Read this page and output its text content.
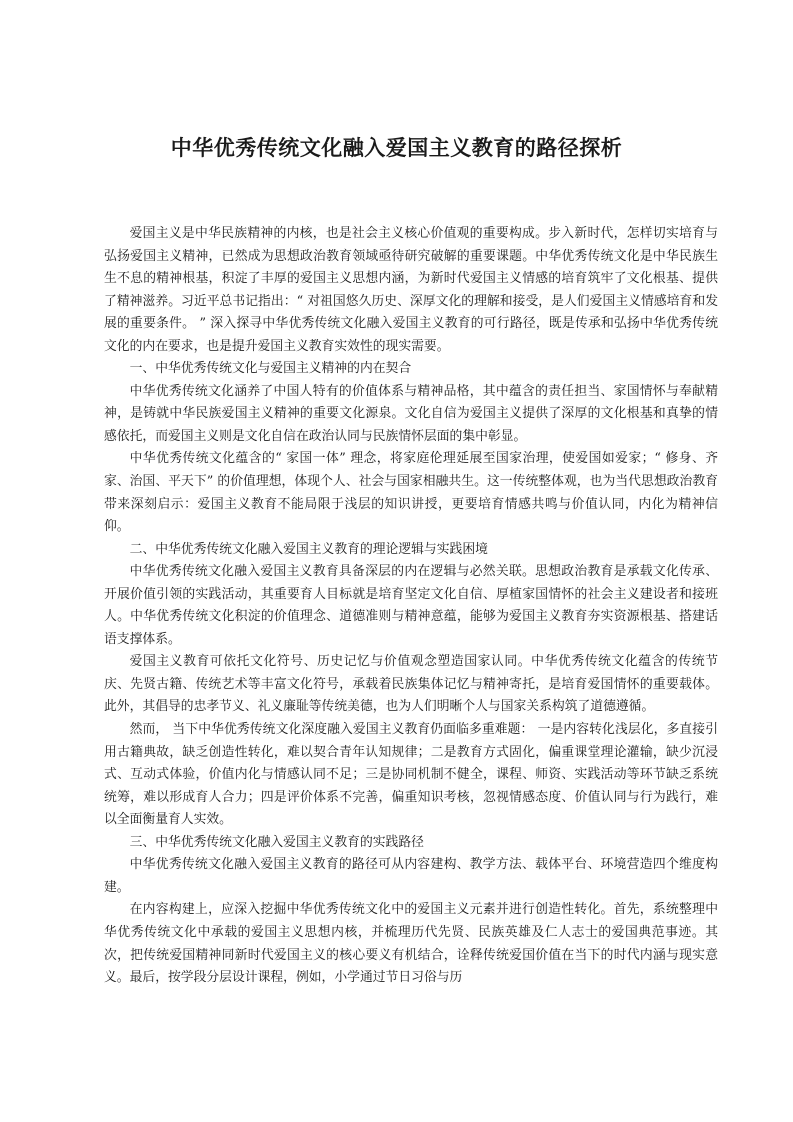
中华优秀传统文化融入爱国主义教育的路径探析

爱国主义是中华民族精神的内核，也是社会主义核心价值观的重要构成。步入新时代，怎样切实培育与弘扬爱国主义精神，已然成为思想政治教育领域亟待研究破解的重要课题。中华优秀传统文化是中华民族生生不息的精神根基，积淀了丰厚的爱国主义思想内涵，为新时代爱国主义情感的培育筑牢了文化根基、提供了精神滋养。习近平总书记指出：“ 对祖国悠久历史、深厚文化的理解和接受，是人们爱国主义情感培育和发展的重要条件。 ” 深入探寻中华优秀传统文化融入爱国主义教育的可行路径，既是传承和弘扬中华优秀传统文化的内在要求，也是提升爱国主义教育实效性的现实需要。

一、中华优秀传统文化与爱国主义精神的内在契合

中华优秀传统文化涵养了中国人特有的价值体系与精神品格，其中蕴含的责任担当、家国情怀与奉献精神，是铸就中华民族爱国主义精神的重要文化源泉。文化自信为爱国主义提供了深厚的文化根基和真挚的情感依托，而爱国主义则是文化自信在政治认同与民族情怀层面的集中彰显。

中华优秀传统文化蕴含的“ 家国一体” 理念，将家庭伦理延展至国家治理，使爱国如爱家；“ 修身、齐家、治国、平天下” 的价值理想，体现个人、社会与国家相融共生。这一传统整体观，也为当代思想政治教育带来深刻启示：爱国主义教育不能局限于浅层的知识讲授，更要培育情感共鸣与价值认同，内化为精神信仰。

二、中华优秀传统文化融入爱国主义教育的理论逻辑与实践困境

中华优秀传统文化融入爱国主义教育具备深层的内在逻辑与必然关联。思想政治教育是承载文化传承、开展价值引领的实践活动，其重要育人目标就是培育坚定文化自信、厚植家国情怀的社会主义建设者和接班人。中华优秀传统文化积淀的价值理念、道德准则与精神意蕴，能够为爱国主义教育夯实资源根基、搭建话语支撑体系。

爱国主义教育可依托文化符号、历史记忆与价值观念塑造国家认同。中华优秀传统文化蕴含的传统节庆、先贤古籍、传统艺术等丰富文化符号，承载着民族集体记忆与精神寄托，是培育爱国情怀的重要载体。此外，其倡导的忠孝节义、礼义廉耻等传统美德，也为人们明晰个人与国家关系构筑了道德遵循。

然而， 当下中华优秀传统文化深度融入爱国主义教育仍面临多重难题： 一是内容转化浅层化，多直接引用古籍典故，缺乏创造性转化，难以契合青年认知规律；二是教育方式固化，偏重课堂理论灌输，缺少沉浸式、互动式体验，价值内化与情感认同不足；三是协同机制不健全，课程、师资、实践活动等环节缺乏系统统筹，难以形成育人合力；四是评价体系不完善，偏重知识考核，忽视情感态度、价值认同与行为践行，难以全面衡量育人实效。

三、中华优秀传统文化融入爱国主义教育的实践路径

中华优秀传统文化融入爱国主义教育的路径可从内容建构、教学方法、载体平台、环境营造四个维度构建。

在内容构建上，应深入挖掘中华优秀传统文化中的爱国主义元素并进行创造性转化。首先，系统整理中华优秀传统文化中承载的爱国主义思想内核，并梳理历代先贤、民族英雄及仁人志士的爱国典范事迹。其次，把传统爱国精神同新时代爱国主义的核心要义有机结合，诠释传统爱国价值在当下的时代内涵与现实意义。最后，按学段分层设计课程，例如，小学通过节日习俗与历
